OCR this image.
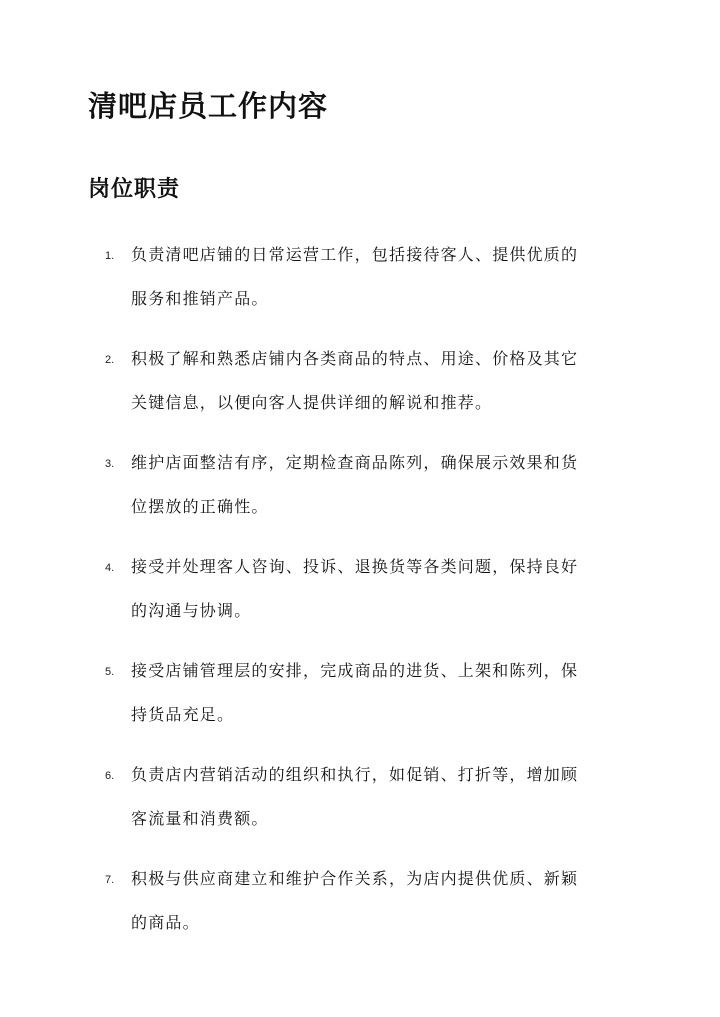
清吧店员工作内容
岗位职责
1. 负责清吧店铺的日常运营工作，包括接待客人、提供优质的
服务和推销产品。
2. 积极了解和熟悉店铺内各类商品的特点、用途、价格及其它
关键信息，以便向客人提供详细的解说和推荐。
3. 维护店面整洁有序，定期检查商品陈列，确保展示效果和货
位摆放的正确性。
4. 接受并处理客人咨询、投诉、退换货等各类问题，保持良好
的沟通与协调。
5. 接受店铺管理层的安排，完成商品的进货、上架和陈列，保
持货品充足。
6. 负责店内营销活动的组织和执行，如促销、打折等，增加顾
客流量和消费额。
7. 积极与供应商建立和维护合作关系，为店内提供优质、新颖
的商品。
